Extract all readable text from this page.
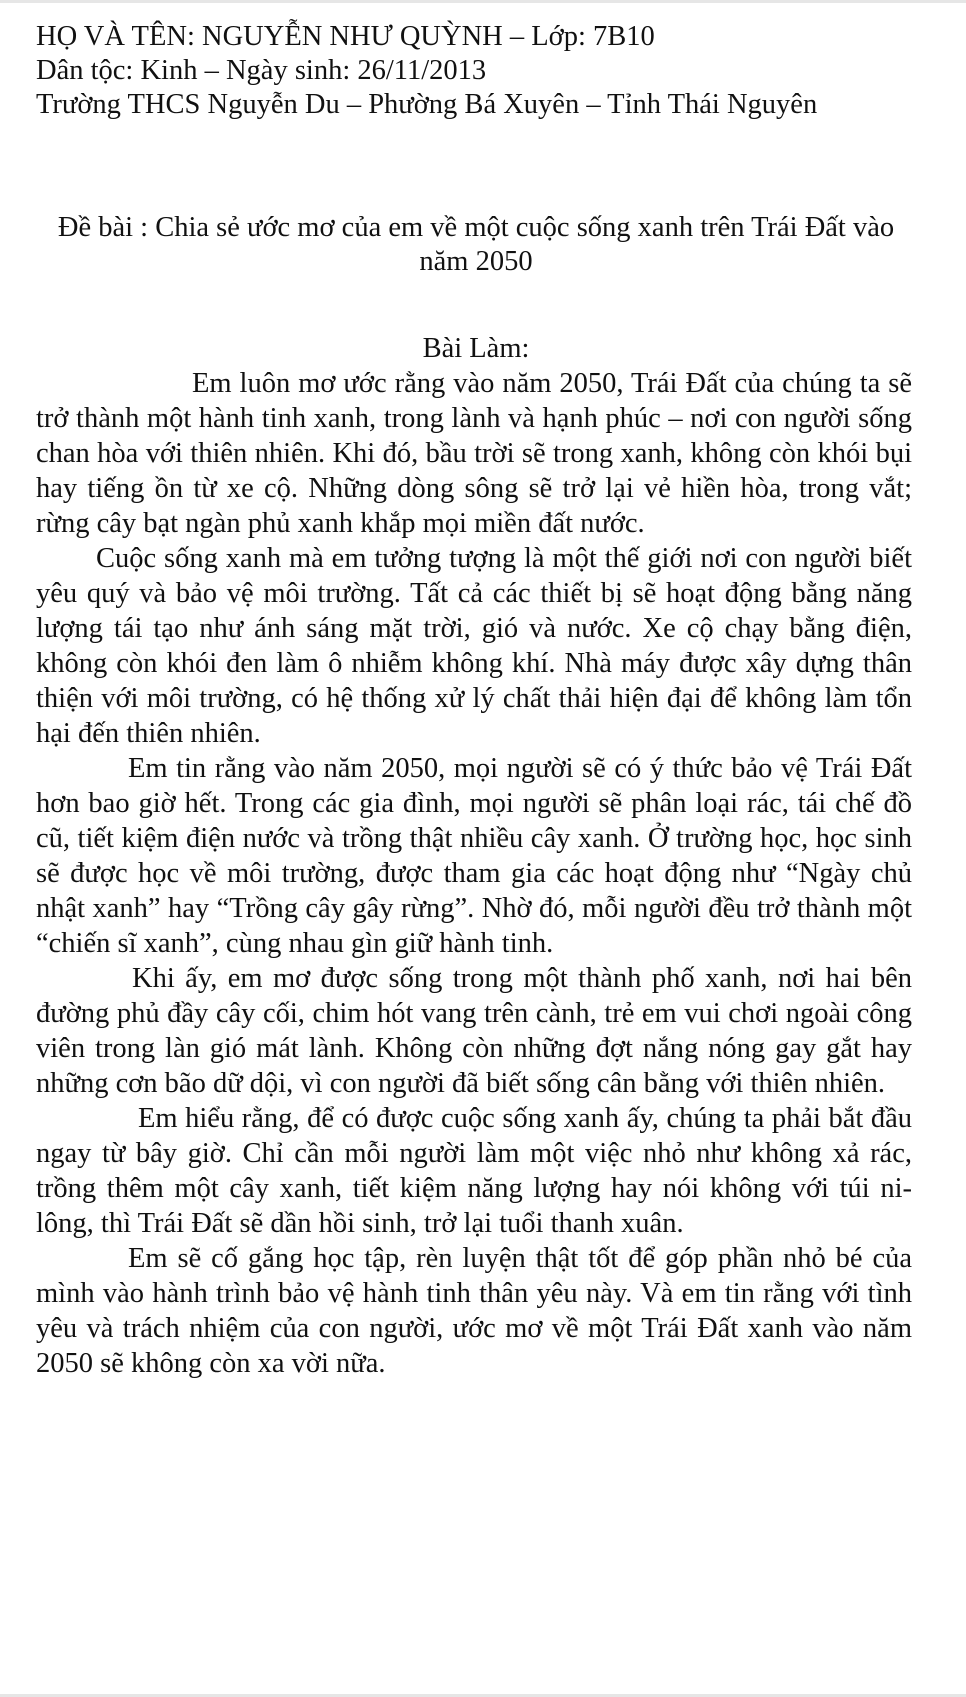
HỌ VÀ TÊN: NGUYỄN NHƯ QUỲNH – Lớp: 7B10

Dân tộc: Kinh – Ngày sinh: 26/11/2013

Trường THCS Nguyễn Du – Phường Bá Xuyên – Tỉnh Thái Nguyên

Đề bài : Chia sẻ ước mơ của em về một cuộc sống xanh trên Trái Đất vào năm 2050

Bài Làm:

Em luôn mơ ước rằng vào năm 2050, Trái Đất của chúng ta sẽ trở thành một hành tinh xanh, trong lành và hạnh phúc – nơi con người sống chan hòa với thiên nhiên. Khi đó, bầu trời sẽ trong xanh, không còn khói bụi hay tiếng ồn từ xe cộ. Những dòng sông sẽ trở lại vẻ hiền hòa, trong vắt; rừng cây bạt ngàn phủ xanh khắp mọi miền đất nước.

Cuộc sống xanh mà em tưởng tượng là một thế giới nơi con người biết yêu quý và bảo vệ môi trường. Tất cả các thiết bị sẽ hoạt động bằng năng lượng tái tạo như ánh sáng mặt trời, gió và nước. Xe cộ chạy bằng điện, không còn khói đen làm ô nhiễm không khí. Nhà máy được xây dựng thân thiện với môi trường, có hệ thống xử lý chất thải hiện đại để không làm tổn hại đến thiên nhiên.

Em tin rằng vào năm 2050, mọi người sẽ có ý thức bảo vệ Trái Đất hơn bao giờ hết. Trong các gia đình, mọi người sẽ phân loại rác, tái chế đồ cũ, tiết kiệm điện nước và trồng thật nhiều cây xanh. Ở trường học, học sinh sẽ được học về môi trường, được tham gia các hoạt động như “Ngày chủ nhật xanh” hay “Trồng cây gây rừng”. Nhờ đó, mỗi người đều trở thành một “chiến sĩ xanh”, cùng nhau gìn giữ hành tinh.

Khi ấy, em mơ được sống trong một thành phố xanh, nơi hai bên đường phủ đầy cây cối, chim hót vang trên cành, trẻ em vui chơi ngoài công viên trong làn gió mát lành. Không còn những đợt nắng nóng gay gắt hay những cơn bão dữ dội, vì con người đã biết sống cân bằng với thiên nhiên.

Em hiểu rằng, để có được cuộc sống xanh ấy, chúng ta phải bắt đầu ngay từ bây giờ. Chỉ cần mỗi người làm một việc nhỏ như không xả rác, trồng thêm một cây xanh, tiết kiệm năng lượng hay nói không với túi ni-lông, thì Trái Đất sẽ dần hồi sinh, trở lại tuổi thanh xuân.

Em sẽ cố gắng học tập, rèn luyện thật tốt để góp phần nhỏ bé của mình vào hành trình bảo vệ hành tinh thân yêu này. Và em tin rằng với tình yêu và trách nhiệm của con người, ước mơ về một Trái Đất xanh vào năm 2050 sẽ không còn xa vời nữa.
